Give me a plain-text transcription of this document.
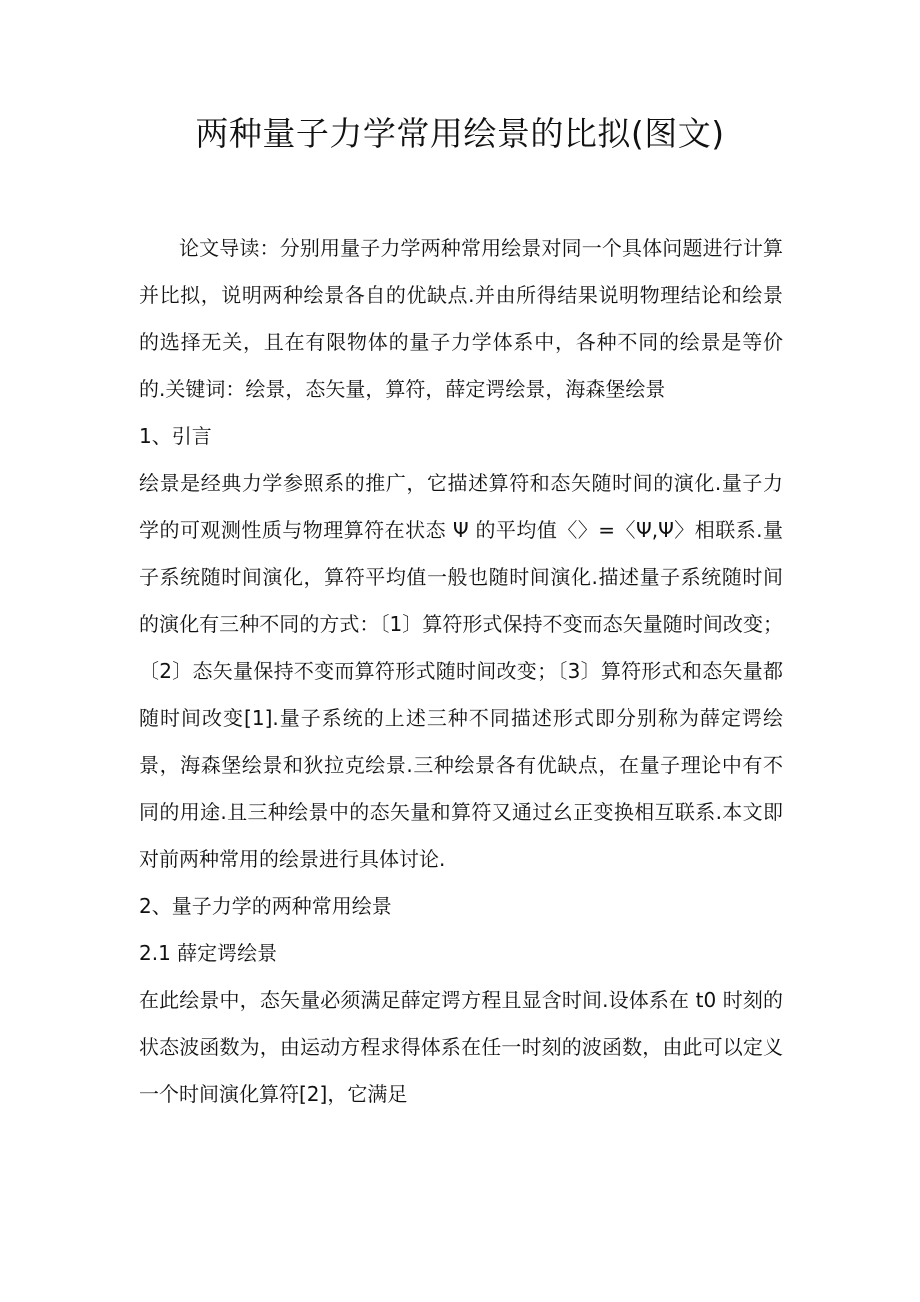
两种量子力学常用绘景的比拟(图文)

论文导读：分别用量子力学两种常用绘景对同一个具体问题进行计算并比拟，说明两种绘景各自的优缺点.并由所得结果说明物理结论和绘景的选择无关，且在有限物体的量子力学体系中，各种不同的绘景是等价的.关键词：绘景，态矢量，算符，薛定谔绘景，海森堡绘景

1、引言

绘景是经典力学参照系的推广，它描述算符和态矢随时间的演化.量子力学的可观测性质与物理算符在状态 Ψ 的平均值〈〉=〈Ψ,Ψ〉相联系.量子系统随时间演化，算符平均值一般也随时间演化.描述量子系统随时间的演化有三种不同的方式：〔1〕算符形式保持不变而态矢量随时间改变；〔2〕态矢量保持不变而算符形式随时间改变；〔3〕算符形式和态矢量都随时间改变[1].量子系统的上述三种不同描述形式即分别称为薛定谔绘景，海森堡绘景和狄拉克绘景.三种绘景各有优缺点，在量子理论中有不同的用途.且三种绘景中的态矢量和算符又通过幺正变换相互联系.本文即对前两种常用的绘景进行具体讨论.

2、量子力学的两种常用绘景
2.1 薛定谔绘景

在此绘景中，态矢量必须满足薛定谔方程且显含时间.设体系在 t0 时刻的状态波函数为，由运动方程求得体系在任一时刻的波函数，由此可以定义一个时间演化算符[2]，它满足
